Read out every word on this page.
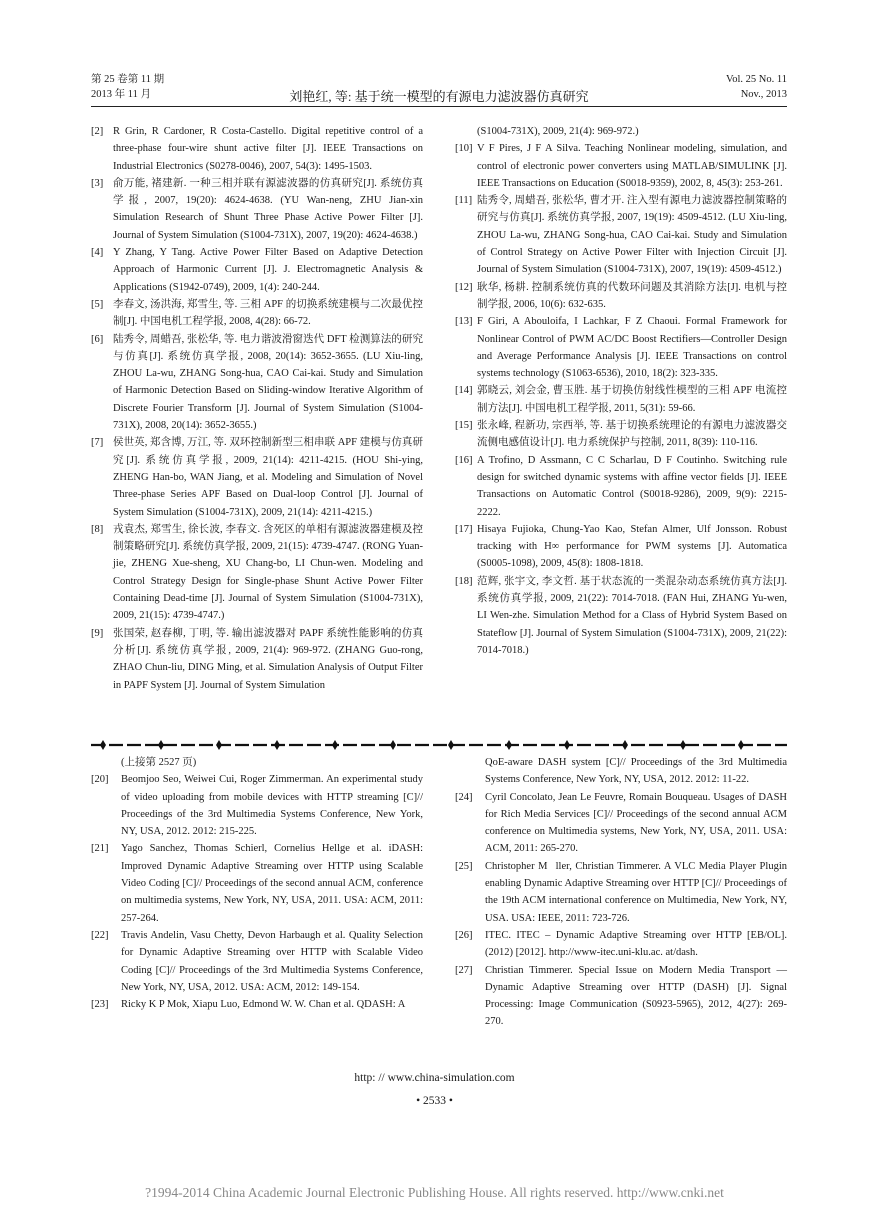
第 25 卷第 11 期
2013 年 11 月	刘艳红, 等: 基于统一模型的有源电力滤波器仿真研究
Vol. 25 No. 11
Nov., 2013
[2] R Grin, R Cardoner, R Costa-Castello. Digital repetitive control of a three-phase four-wire shunt active filter [J]. IEEE Transactions on Industrial Electronics (S0278-0046), 2007, 54(3): 1495-1503.
[3] 俞万能, 褚建新. 一种三相并联有源滤波器的仿真研究[J]. 系统仿真学报, 2007, 19(20): 4624-4638. (YU Wan-neng, ZHU Jian-xin Simulation Research of Shunt Three Phase Active Power Filter [J]. Journal of System Simulation (S1004-731X), 2007, 19(20): 4624-4638.)
[4] Y Zhang, Y Tang. Active Power Filter Based on Adaptive Detection Approach of Harmonic Current [J]. J. Electromagnetic Analysis & Applications (S1942-0749), 2009, 1(4): 240-244.
[5] 李春文, 汤洪海, 郑雪生, 等. 三相 APF 的切换系统建模与二次最优控制[J]. 中国电机工程学报, 2008, 4(28): 66-72.
[6] 陆秀令, 周蜡吾, 张松华, 等. 电力谐波滑窗迭代 DFT 检测算法的研究与仿真[J]. 系统仿真学报, 2008, 20(14): 3652-3655. (LU Xiu-ling, ZHOU La-wu, ZHANG Song-hua, CAO Cai-kai. Study and Simulation of Harmonic Detection Based on Sliding-window Iterative Algorithm of Discrete Fourier Transform [J]. Journal of System Simulation (S1004-731X), 2008, 20(14): 3652-3655.)
[7] 侯世英, 郑含博, 万江, 等. 双环控制新型三相串联 APF 建模与仿真研究[J]. 系统仿真学报, 2009, 21(14): 4211-4215. (HOU Shi-ying, ZHENG Han-bo, WAN Jiang, et al. Modeling and Simulation of Novel Three-phase Series APF Based on Dual-loop Control [J]. Journal of System Simulation (S1004-731X), 2009, 21(14): 4211-4215.)
[8] 戎袁杰, 郑雪生, 徐长波, 李春文. 含死区的单相有源滤波器建模及控制策略研究[J]. 系统仿真学报, 2009, 21(15): 4739-4747. (RONG Yuan-jie, ZHENG Xue-sheng, XU Chang-bo, LI Chun-wen. Modeling and Control Strategy Design for Single-phase Shunt Active Power Filter Containing Dead-time [J]. Journal of System Simulation (S1004-731X), 2009, 21(15): 4739-4747.)
[9] 张国荣, 赵春柳, 丁明, 等. 输出滤波器对 PAPF 系统性能影响的仿真分析[J]. 系统仿真学报, 2009, 21(4): 969-972. (ZHANG Guo-rong, ZHAO Chun-liu, DING Ming, et al. Simulation Analysis of Output Filter in PAPF System [J]. Journal of System Simulation
(S1004-731X), 2009, 21(4): 969-972.)
[10] V F Pires, J F A Silva. Teaching Nonlinear modeling, simulation, and control of electronic power converters using MATLAB/SIMULINK [J]. IEEE Transactions on Education (S0018-9359), 2002, 8, 45(3): 253-261.
[11] 陆秀令, 周蜡吾, 张松华, 曹才开. 注入型有源电力滤波器控制策略的研究与仿真[J]. 系统仿真学报, 2007, 19(19): 4509-4512. (LU Xiu-ling, ZHOU La-wu, ZHANG Song-hua, CAO Cai-kai. Study and Simulation of Control Strategy on Active Power Filter with Injection Circuit [J]. Journal of System Simulation (S1004-731X), 2007, 19(19): 4509-4512.)
[12] 耿华, 杨耕. 控制系统仿真的代数环问题及其消除方法[J]. 电机与控制学报, 2006, 10(6): 632-635.
[13] F Giri, A Abouloifa, I Lachkar, F Z Chaoui. Formal Framework for Nonlinear Control of PWM AC/DC Boost Rectifiers—Controller Design and Average Performance Analysis [J]. IEEE Transactions on control systems technology (S1063-6536), 2010, 18(2): 323-335.
[14] 郭晓云, 刘会金, 曹玉胜. 基于切换仿射线性模型的三相 APF 电流控制方法[J]. 中国电机工程学报, 2011, 5(31): 59-66.
[15] 张永峰, 程新功, 宗西举, 等. 基于切换系统理论的有源电力滤波器交流侧电感值设计[J]. 电力系统保护与控制, 2011, 8(39): 110-116.
[16] A Trofino, D Assmann, C C Scharlau, D F Coutinho. Switching rule design for switched dynamic systems with affine vector fields [J]. IEEE Transactions on Automatic Control (S0018-9286), 2009, 9(9): 2215-2222.
[17] Hisaya Fujioka, Chung-Yao Kao, Stefan Almer, Ulf Jonsson. Robust tracking with H∞ performance for PWM systems [J]. Automatica (S0005-1098), 2009, 45(8): 1808-1818.
[18] 范辉, 张宇文, 李文哲. 基于状态流的一类混杂动态系统仿真方法[J]. 系统仿真学报, 2009, 21(22): 7014-7018. (FAN Hui, ZHANG Yu-wen, LI Wen-zhe. Simulation Method for a Class of Hybrid System Based on Stateflow [J]. Journal of System Simulation (S1004-731X), 2009, 21(22): 7014-7018.)
(上接第 2527 页)
[20]	Beomjoo Seo, Weiwei Cui, Roger Zimmerman. An experimental study of video uploading from mobile devices with HTTP streaming [C]// Proceedings of the 3rd Multimedia Systems Conference, New York, NY, USA, 2012. 2012: 215-225.
[21]	Yago Sanchez, Thomas Schierl, Cornelius Hellge et al. iDASH: Improved Dynamic Adaptive Streaming over HTTP using Scalable Video Coding [C]// Proceedings of the second annual ACM, conference on multimedia systems, New York, NY, USA, 2011. USA: ACM, 2011: 257-264.
[22]	Travis Andelin, Vasu Chetty, Devon Harbaugh et al. Quality Selection for Dynamic Adaptive Streaming over HTTP with Scalable Video Coding [C]// Proceedings of the 3rd Multimedia Systems Conference, New York, NY, USA, 2012. USA: ACM, 2012: 149-154.
[23]	Ricky K P Mok, Xiapu Luo, Edmond W. W. Chan et al. QDASH: A
QoE-aware DASH system [C]// Proceedings of the 3rd Multimedia Systems Conference, New York, NY, USA, 2012. 2012: 11-22.
[24]	Cyril Concolato, Jean Le Feuvre, Romain Bouqueau. Usages of DASH for Rich Media Services [C]// Proceedings of the second annual ACM conference on Multimedia systems, New York, NY, USA, 2011. USA: ACM, 2011: 265-270.
[25]	Christopher M ller, Christian Timmerer. A VLC Media Player Plugin enabling Dynamic Adaptive Streaming over HTTP [C]// Proceedings of the 19th ACM international conference on Multimedia, New York, NY, USA. USA: IEEE, 2011: 723-726.
[26]	ITEC. ITEC – Dynamic Adaptive Streaming over HTTP [EB/OL]. (2012) [2012]. http://www-itec.uni-klu.ac. at/dash.
[27]	Christian Timmerer. Special Issue on Modern Media Transport — Dynamic Adaptive Streaming over HTTP (DASH) [J]. Signal Processing: Image Communication (S0923-5965), 2012, 4(27): 269-270.
http: // www.china-simulation.com
• 2533 •
?1994-2014 China Academic Journal Electronic Publishing House. All rights reserved. http://www.cnki.net
